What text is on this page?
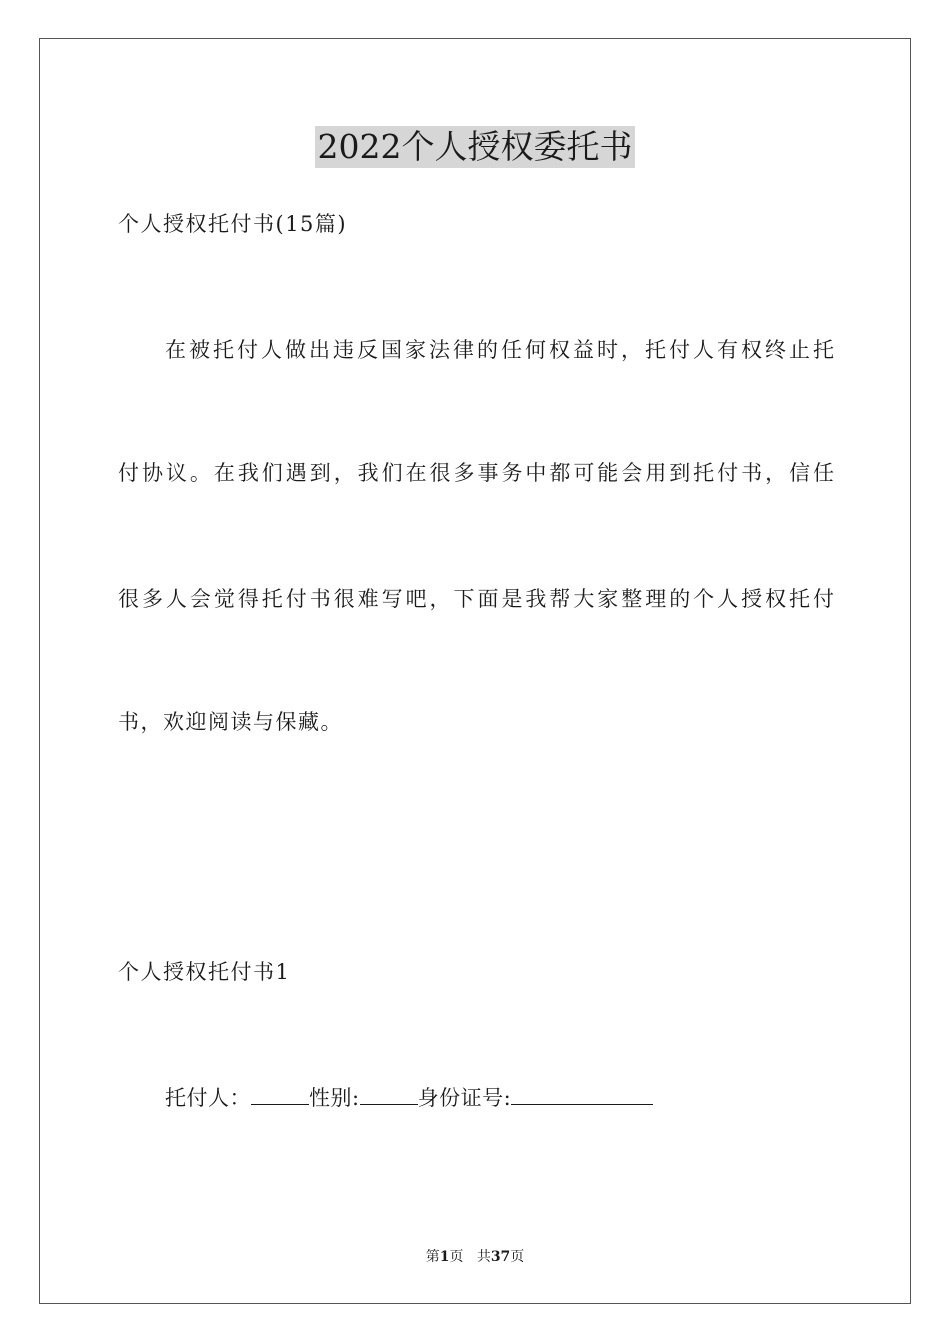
2022个人授权委托书
个人授权托付书(15篇)
在被托付人做出违反国家法律的任何权益时，托付人有权终止托
付协议。在我们遇到，我们在很多事务中都可能会用到托付书，信任
很多人会觉得托付书很难写吧，下面是我帮大家整理的个人授权托付
书，欢迎阅读与保藏。
个人授权托付书1
托付人：	性别:	身份证号:
第1页 共37页
